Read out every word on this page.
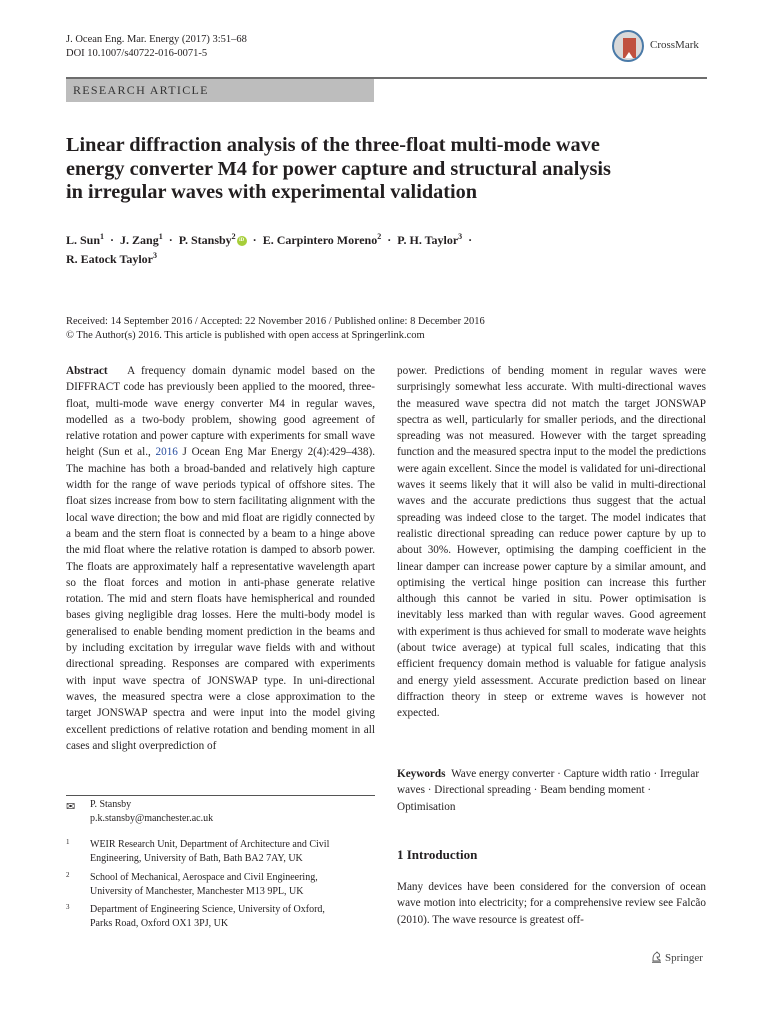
J. Ocean Eng. Mar. Energy (2017) 3:51–68
DOI 10.1007/s40722-016-0071-5
CrossMark
RESEARCH ARTICLE
Linear diffraction analysis of the three-float multi-mode wave
energy converter M4 for power capture and structural analysis
in irregular waves with experimental validation
L. Sun$^1$ · J. Zang$^1$ · P. Stansby$^2$ iD · E. Carpintero Moreno$^2$ · P. H. Taylor$^3$ ·
R. Eatock Taylor$^3$
Received: 14 September 2016 / Accepted: 22 November 2016 / Published online: 8 December 2016
© The Author(s) 2016. This article is published with open access at Springerlink.com
Abstract A frequency domain dynamic model based on the DIFFRACT code has previously been applied to the moored, three-float, multi-mode wave energy converter M4 in regular waves, modelled as a two-body problem, showing good agreement of relative rotation and power capture with experiments for small wave height (Sun et al., 2016 J Ocean Eng Mar Energy 2(4):429–438). The machine has both a broad-banded and relatively high capture width for the range of wave periods typical of offshore sites. The float sizes increase from bow to stern facilitating alignment with the local wave direction; the bow and mid float are rigidly connected by a beam and the stern float is connected by a beam to a hinge above the mid float where the relative rotation is damped to absorb power. The floats are approximately half a representative wavelength apart so the float forces and motion in anti-phase generate relative rotation. The mid and stern floats have hemispherical and rounded bases giving negligible drag losses. Here the multi-body model is generalised to enable bending moment prediction in the beams and by including excitation by irregular wave fields with and without directional spreading. Responses are compared with experiments with input wave spectra of JONSWAP type. In uni-directional waves, the measured spectra were a close approximation to the target JONSWAP spectra and were input into the model giving excellent predictions of relative rotation and bending moment in all cases and slight overprediction of
power. Predictions of bending moment in regular waves were surprisingly somewhat less accurate. With multi-directional waves the measured wave spectra did not match the target JONSWAP spectra as well, particularly for smaller periods, and the directional spreading was not measured. However with the target spreading function and the measured spectra input to the model the predictions were again excellent. Since the model is validated for uni-directional waves it seems likely that it will also be valid in multi-directional waves and the accurate predictions thus suggest that the actual spreading was indeed close to the target. The model indicates that realistic directional spreading can reduce power capture by up to about 30%. However, optimising the damping coefficient in the linear damper can increase power capture by a similar amount, and optimising the vertical hinge position can increase this further although this cannot be varied in situ. Power optimisation is inevitably less marked than with regular waves. Good agreement with experiment is thus achieved for small to moderate wave heights (about twice average) at typical full scales, indicating that this efficient frequency domain method is valuable for fatigue analysis and energy yield assessment. Accurate prediction based on linear diffraction theory in steep or extreme waves is however not expected.
✉ P. Stansby
p.k.stansby@manchester.ac.uk
1 WEIR Research Unit, Department of Architecture and Civil
Engineering, University of Bath, Bath BA2 7AY, UK
2 School of Mechanical, Aerospace and Civil Engineering,
University of Manchester, Manchester M13 9PL, UK
3 Department of Engineering Science, University of Oxford,
Parks Road, Oxford OX1 3PJ, UK
Keywords Wave energy converter · Capture width ratio · Irregular waves · Directional spreading · Beam bending moment · Optimisation
1 Introduction
Many devices have been considered for the conversion of ocean wave motion into electricity; for a comprehensive review see Falcão (2010). The wave resource is greatest off-
Springer
